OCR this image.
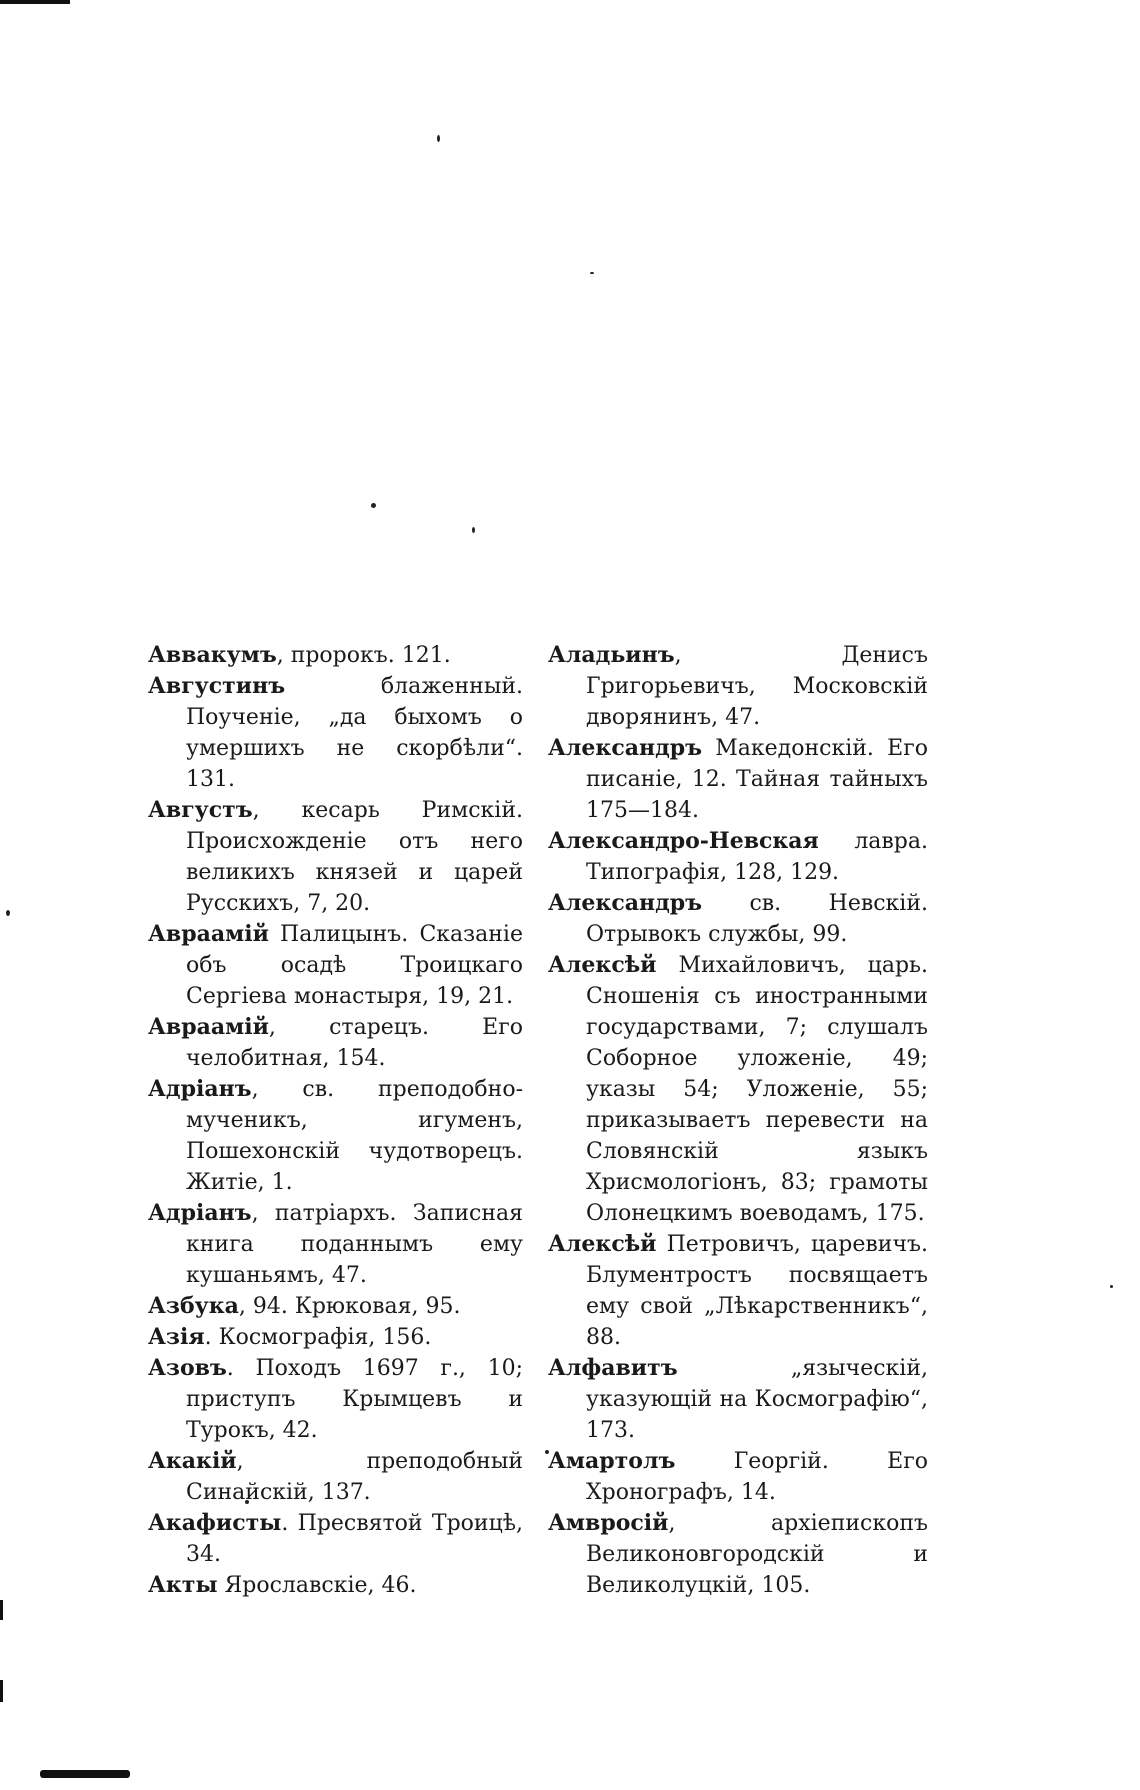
Аввакумъ, пророкъ. 121.
Августинъ блаженный. Поученіе, „да быхомъ о умершихъ не скорбѣли“. 131.
Августъ, кесарь Римскій. Происхожденіе отъ него великихъ князей и царей Русскихъ, 7, 20.
Авраамій Палицынъ. Сказаніе объ осадѣ Троицкаго Сергіева монастыря, 19, 21.
Авраамій, старецъ. Его челобитная, 154.
Адріанъ, св. преподобно-мученикъ, игуменъ, Пошехонскій чудотворецъ. Житіе, 1.
Адріанъ, патріархъ. Записная книга поданнымъ ему кушаньямъ, 47.
Азбука, 94. Крюковая, 95.
Азія. Космографія, 156.
Азовъ. Походъ 1697 г., 10; приступъ Крымцевъ и Турокъ, 42.
Акакій, преподобный Синайскій, 137.
Акафисты. Пресвятой Троицѣ, 34.
Акты Ярославскіе, 46.
Аладьинъ, Денисъ Григорьевичъ, Московскій дворянинъ, 47.
Александръ Македонскій. Его писаніе, 12. Тайная тайныхъ 175—184.
Александро-Невская лавра. Типографія, 128, 129.
Александръ св. Невскій. Отрывокъ службы, 99.
Алексѣй Михайловичъ, царь. Сношенія съ иностранными государствами, 7; слушалъ Соборное уложеніе, 49; указы 54; Уложеніе, 55; приказываетъ перевести на Словянскій языкъ Хрисмологіонъ, 83; грамоты Олонецкимъ воеводамъ, 175.
Алексѣй Петровичъ, царевичъ. Блументростъ посвящаетъ ему свой „Лѣкарственникъ“, 88.
Алфавитъ „языческій, указующій на Космографію“, 173.
Амартолъ Георгій. Его Хронографъ, 14.
Амвросій, архіепископъ Великоновгородскій и Великолуцкій, 105.
